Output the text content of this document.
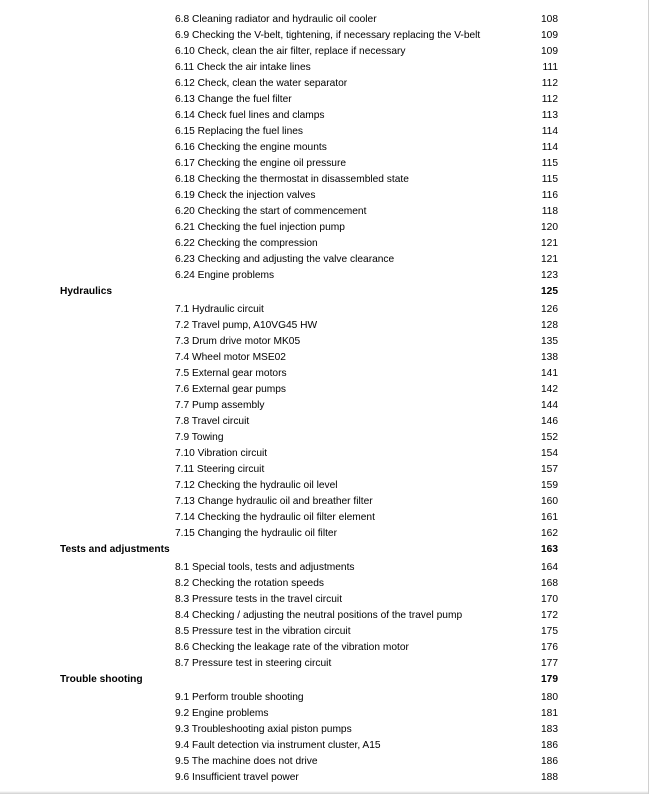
6.8 Cleaning radiator and hydraulic oil cooler	108
6.9 Checking the V-belt, tightening, if necessary replacing the V-belt	109
6.10 Check, clean the air filter, replace if necessary	109
6.11 Check the air intake lines	111
6.12 Check, clean the water separator	112
6.13 Change the fuel filter	112
6.14 Check fuel lines and clamps	113
6.15 Replacing the fuel lines	114
6.16 Checking the engine mounts	114
6.17 Checking the engine oil pressure	115
6.18 Checking the thermostat in disassembled state	115
6.19 Check the injection valves	116
6.20 Checking the start of commencement	118
6.21 Checking the fuel injection pump	120
6.22 Checking the compression	121
6.23 Checking and adjusting the valve clearance	121
6.24 Engine problems	123
Hydraulics	125
7.1 Hydraulic circuit	126
7.2 Travel pump, A10VG45 HW	128
7.3 Drum drive motor MK05	135
7.4 Wheel motor MSE02	138
7.5 External gear motors	141
7.6 External gear pumps	142
7.7 Pump assembly	144
7.8 Travel circuit	146
7.9 Towing	152
7.10 Vibration circuit	154
7.11 Steering circuit	157
7.12 Checking the hydraulic oil level	159
7.13 Change hydraulic oil and breather filter	160
7.14 Checking the hydraulic oil filter element	161
7.15 Changing the hydraulic oil filter	162
Tests and adjustments	163
8.1 Special tools, tests and adjustments	164
8.2 Checking the rotation speeds	168
8.3 Pressure tests in the travel circuit	170
8.4 Checking / adjusting the neutral positions of the travel pump	172
8.5 Pressure test in the vibration circuit	175
8.6 Checking the leakage rate of the vibration motor	176
8.7 Pressure test in steering circuit	177
Trouble shooting	179
9.1 Perform trouble shooting	180
9.2 Engine problems	181
9.3 Troubleshooting axial piston pumps	183
9.4 Fault detection via instrument cluster, A15	186
9.5 The machine does not drive	186
9.6 Insufficient travel power	188
